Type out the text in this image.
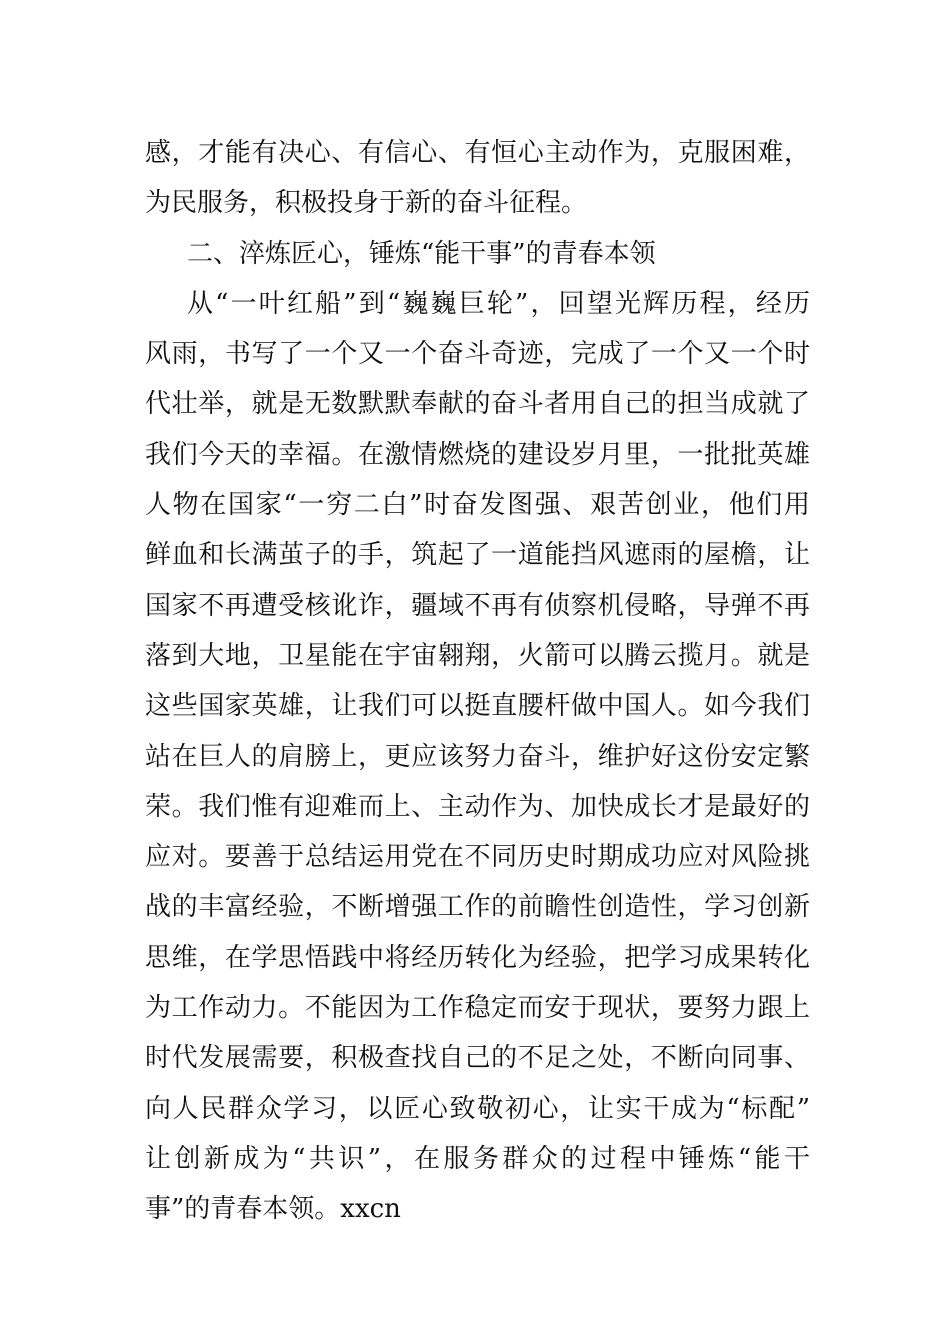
感，才能有决心、有信心、有恒心主动作为，克服困难，
为民服务，积极投身于新的奋斗征程。
二、淬炼匠心，锤炼“能干事”的青春本领
从“一叶红船”到“巍巍巨轮”，回望光辉历程，经历
风雨，书写了一个又一个奋斗奇迹，完成了一个又一个时
代壮举，就是无数默默奉献的奋斗者用自己的担当成就了
我们今天的幸福。在激情燃烧的建设岁月里，一批批英雄
人物在国家“一穷二白”时奋发图强、艰苦创业，他们用
鲜血和长满茧子的手，筑起了一道能挡风遮雨的屋檐，让
国家不再遭受核讹诈，疆域不再有侦察机侵略，导弹不再
落到大地，卫星能在宇宙翱翔，火箭可以腾云揽月。就是
这些国家英雄，让我们可以挺直腰杆做中国人。如今我们
站在巨人的肩膀上，更应该努力奋斗，维护好这份安定繁
荣。我们惟有迎难而上、主动作为、加快成长才是最好的
应对。要善于总结运用党在不同历史时期成功应对风险挑
战的丰富经验，不断增强工作的前瞻性创造性，学习创新
思维，在学思悟践中将经历转化为经验，把学习成果转化
为工作动力。不能因为工作稳定而安于现状，要努力跟上
时代发展需要，积极查找自己的不足之处，不断向同事、
向人民群众学习，以匠心致敬初心，让实干成为“标配”
让创新成为“共识”，在服务群众的过程中锤炼“能干
事”的青春本领。xxcn
